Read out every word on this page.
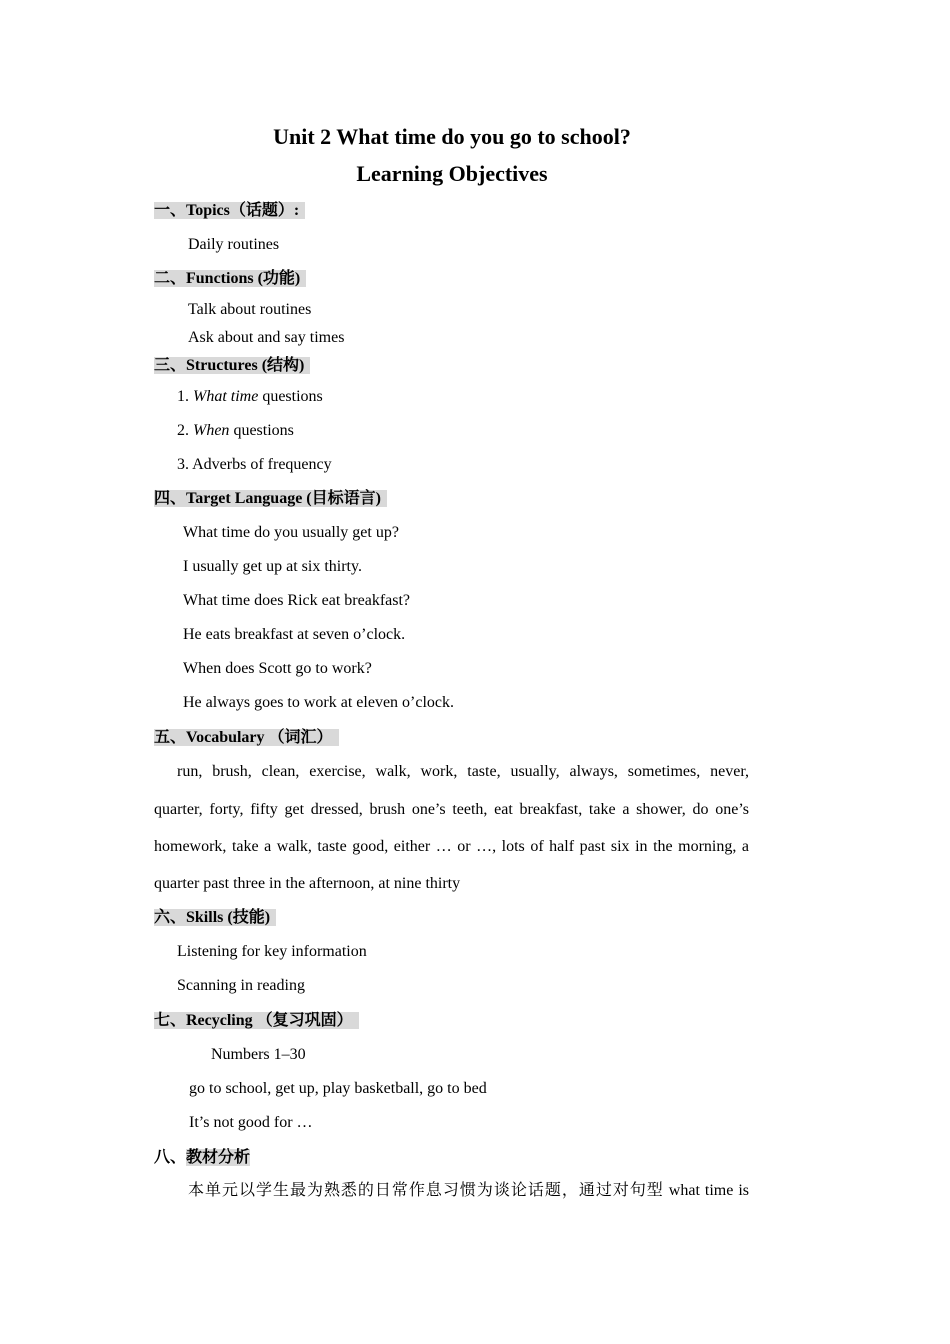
Unit 2 What time do you go to school?
Learning Objectives
一、Topics（话题）:
Daily routines
二、Functions (功能)
Talk about routines
Ask about and say times
三、Structures (结构)
1. What time questions
2. When questions
3. Adverbs of frequency
四、Target Language (目标语言)
What time do you usually get up?
I usually get up at six thirty.
What time does Rick eat breakfast?
He eats breakfast at seven o’clock.
When does Scott go to work?
He always goes to work at eleven o’clock.
五、Vocabulary （词汇）
run, brush, clean, exercise, walk, work, taste, usually, always, sometimes, never,
quarter, forty, fifty get dressed, brush one’s teeth, eat breakfast, take a shower, do one’s
homework, take a walk, taste good, either … or …, lots of half past six in the morning, a
quarter past three in the afternoon, at nine thirty
六、Skills (技能)
Listening for key information
Scanning in reading
七、Recycling （复习巩固）
Numbers 1–30
go to school, get up, play basketball, go to bed
It’s not good for …
八、教材分析
本单元以学生最为熟悉的日常作息习惯为谈论话题，通过对句型 what time is
